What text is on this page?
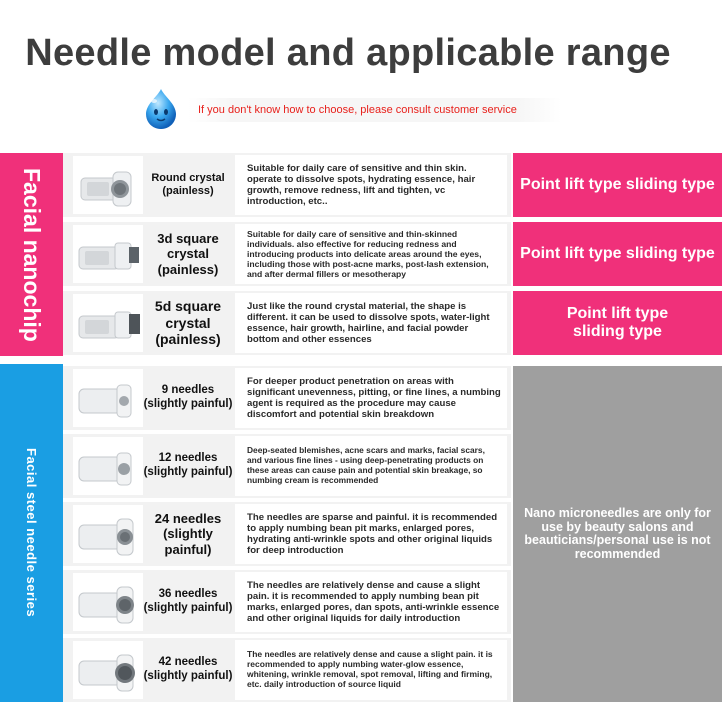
Needle model and applicable range
If you don't know how to choose, please consult customer service
Facial nanochip
Facial steel needle series
Round crystal (painless)
Suitable for daily care of sensitive and thin skin. operate to dissolve spots, hydrating essence, hair growth, remove redness, lift and tighten, vc introduction, etc..
3d square crystal (painless)
Suitable for daily care of sensitive and thin-skinned individuals. also effective for reducing redness and introducing products into delicate areas around the eyes, including those with post-acne marks, post-lash extension, and after dermal fillers or mesotherapy
5d square crystal (painless)
Just like the round crystal material, the shape is different. it can be used to dissolve spots, water-light essence, hair growth, hairline, and facial powder bottom and other essences
Point lift type sliding type
Point lift type sliding type
Point lift type sliding type
9 needles (slightly painful)
For deeper product penetration on areas with significant unevenness, pitting, or fine lines, a numbing agent is required as the procedure may cause discomfort and potential skin breakdown
12 needles (slightly painful)
Deep-seated blemishes, acne scars and marks, facial scars, and various fine lines - using deep-penetrating products on these areas can cause pain and potential skin breakage, so numbing cream is recommended
24 needles (slightly painful)
The needles are sparse and painful. it is recommended to apply numbing bean pit marks, enlarged pores, hydrating anti-wrinkle spots and other original liquids for deep introduction
36 needles (slightly painful)
The needles are relatively dense and cause a slight pain. it is recommended to apply numbing bean pit marks, enlarged pores, dan spots, anti-wrinkle essence and other original liquids for daily introduction
42 needles (slightly painful)
The needles are relatively dense and cause a slight pain. it is recommended to apply numbing water-glow essence, whitening, wrinkle removal, spot removal, lifting and firming, etc. daily introduction of source liquid
Nano microneedles are only for use by beauty salons and beauticians/personal use is not recommended
